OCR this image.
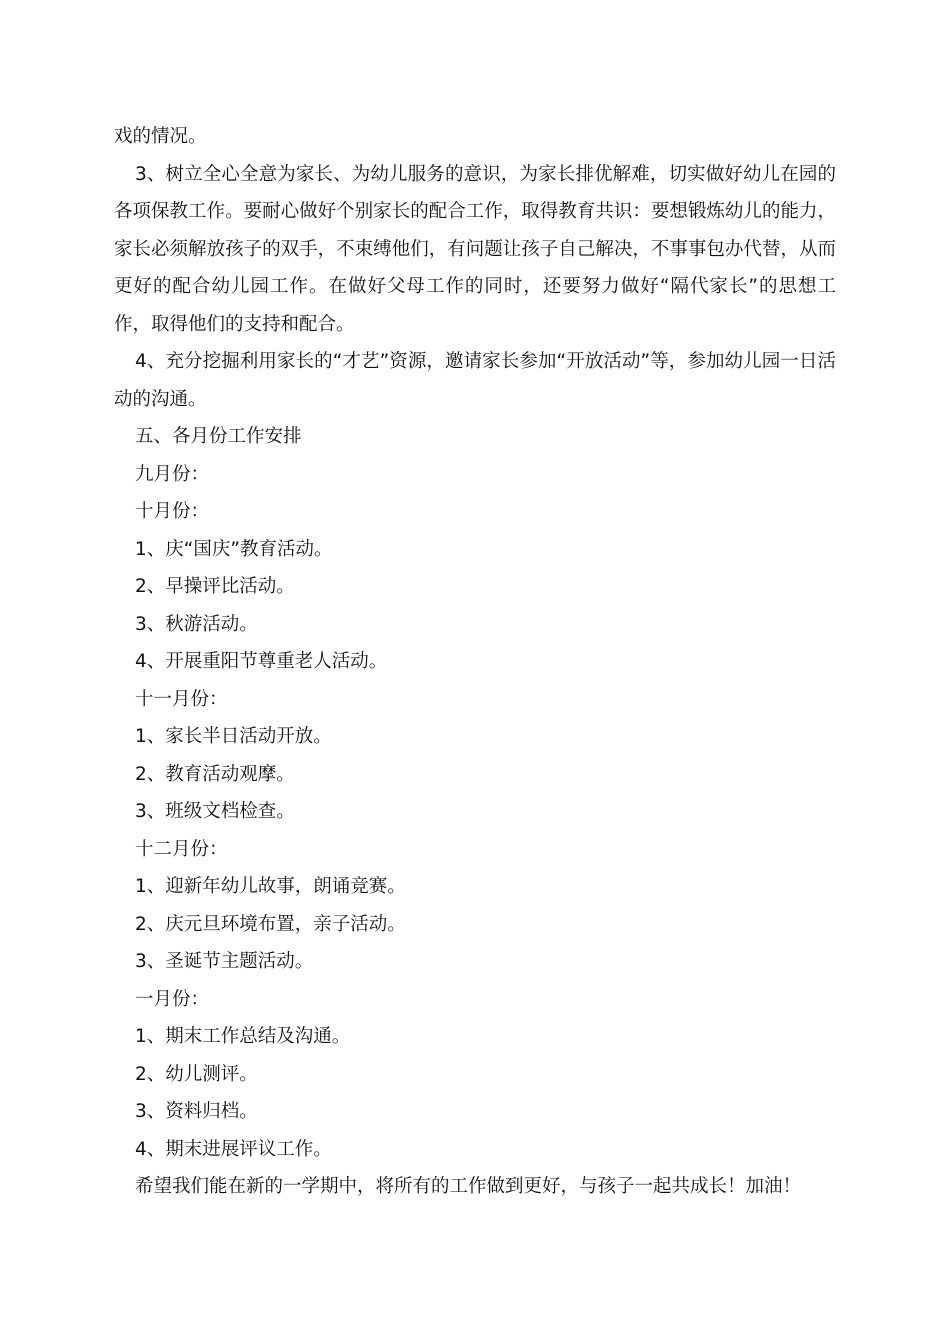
戏的情况。

3、树立全心全意为家长、为幼儿服务的意识，为家长排优解难，切实做好幼儿在园的各项保教工作。要耐心做好个别家长的配合工作，取得教育共识：要想锻炼幼儿的能力，家长必须解放孩子的双手，不束缚他们，有问题让孩子自己解决，不事事包办代替，从而更好的配合幼儿园工作。在做好父母工作的同时，还要努力做好“隔代家长”的思想工作，取得他们的支持和配合。

4、充分挖掘利用家长的“才艺”资源，邀请家长参加“开放活动”等，参加幼儿园一日活动的沟通。

五、各月份工作安排

九月份：

十月份：

1、庆“国庆”教育活动。

2、早操评比活动。

3、秋游活动。

4、开展重阳节尊重老人活动。

十一月份：

1、家长半日活动开放。

2、教育活动观摩。

3、班级文档检查。

十二月份：

1、迎新年幼儿故事，朗诵竞赛。

2、庆元旦环境布置，亲子活动。

3、圣诞节主题活动。

一月份：

1、期末工作总结及沟通。

2、幼儿测评。

3、资料归档。

4、期末进展评议工作。

希望我们能在新的一学期中，将所有的工作做到更好，与孩子一起共成长！加油！
